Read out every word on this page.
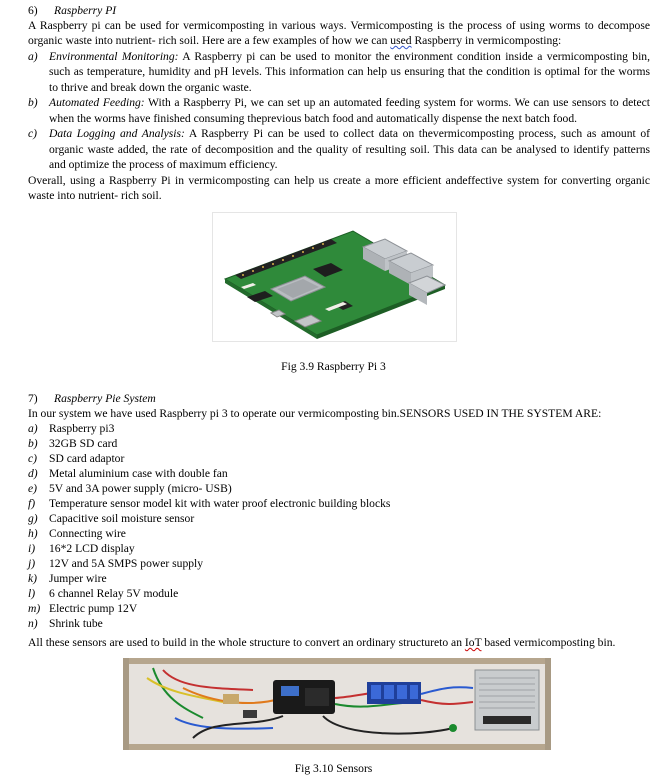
6) Raspberry PI
A Raspberry pi can be used for vermicomposting in various ways. Vermicomposting is the process of using worms to decompose
organic waste into nutrient- rich soil. Here are a few examples of how we can used Raspberry in vermicomposting:
a) Environmental Monitoring: A Raspberry pi can be used to monitor the environment condition inside a vermicomposting bin,
such as temperature, humidity and pH levels. This information can help us ensuring that the condition is optimal for the worms
to thrive and break down the organic waste.
b) Automated Feeding: With a Raspberry Pi, we can set up an automated feeding system for worms. We can use sensors to detect
when the worms have finished consuming theprevious batch food and automatically dispense the next batch food.
c) Data Logging and Analysis: A Raspberry Pi can be used to collect data on thevermicomposting process, such as amount of
organic waste added, the rate of decomposition and the quality of resulting soil. This data can be analysed to identify patterns
and optimize the process of maximum efficiency.
Overall, using a Raspberry Pi in vermicomposting can help us create a more efficient andeffective system for converting organic
waste into nutrient- rich soil.
Fig 3.9 Raspberry Pi 3
7) Raspberry Pie System
In our system we have used Raspberry pi 3 to operate our vermicomposting bin.SENSORS USED IN THE SYSTEM ARE:
a) Raspberry pi3
b) 32GB SD card
c) SD card adaptor
d) Metal aluminium case with double fan
e) 5V and 3A power supply (micro- USB)
f) Temperature sensor model kit with water proof electronic building blocks
g) Capacitive soil moisture sensor
h) Connecting wire
i) 16*2 LCD display
j) 12V and 5A SMPS power supply
k) Jumper wire
l) 6 channel Relay 5V module
m) Electric pump 12V
n) Shrink tube
All these sensors are used to build in the whole structure to convert an ordinary structureto an IoT based vermicomposting bin.
Fig 3.10 Sensors
